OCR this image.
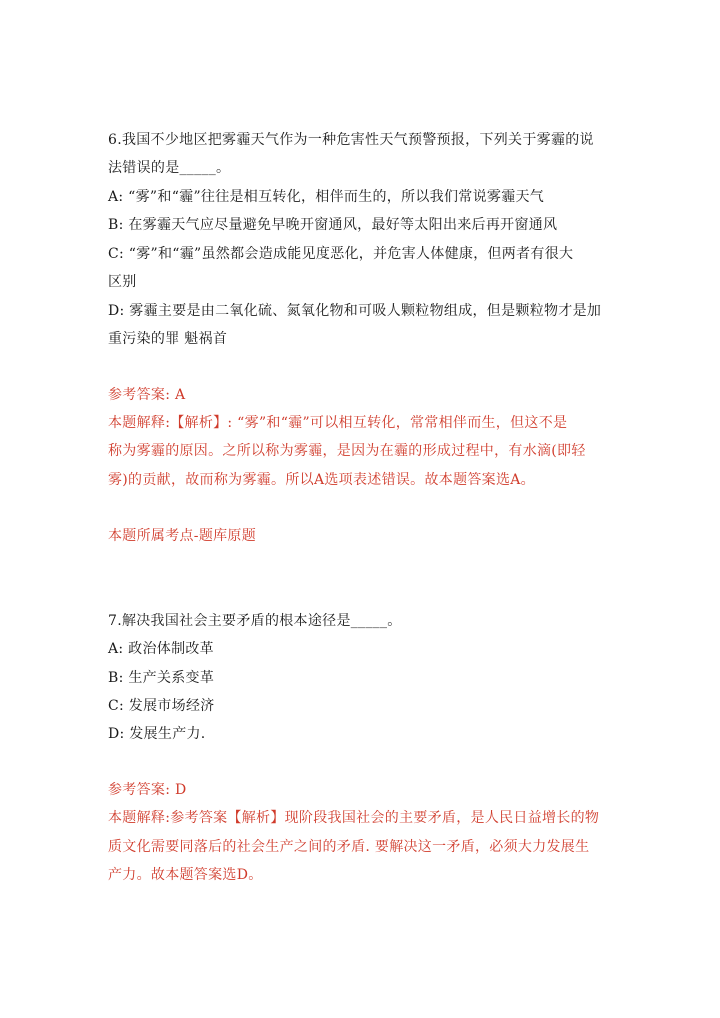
6.我国不少地区把雾霾天气作为一种危害性天气预警预报，下列关于雾霾的说
法错误的是_____。
A: “雾”和“霾”往往是相互转化，相伴而生的，所以我们常说雾霾天气
B: 在雾霾天气应尽量避免早晚开窗通风，最好等太阳出来后再开窗通风
C: “雾”和“霾”虽然都会造成能见度恶化，并危害人体健康，但两者有很大
区别
D: 雾霾主要是由二氧化硫、氮氧化物和可吸人颗粒物组成，但是颗粒物才是加
重污染的罪 魁祸首
参考答案: A
本题解释:【解析】: “雾”和“霾”可以相互转化，常常相伴而生，但这不是
称为雾霾的原因。之所以称为雾霾，是因为在霾的形成过程中，有水滴(即轻
雾)的贡献，故而称为雾霾。所以A选项表述错误。故本题答案选A。
本题所属考点-题库原题
7.解决我国社会主要矛盾的根本途径是_____。
A: 政治体制改革
B: 生产关系变革
C: 发展市场经济
D: 发展生产力.
参考答案: D
本题解释:参考答案【解析】现阶段我国社会的主要矛盾，是人民日益增长的物
质文化需要同落后的社会生产之间的矛盾. 要解决这一矛盾，必须大力发展生
产力。故本题答案选D。
